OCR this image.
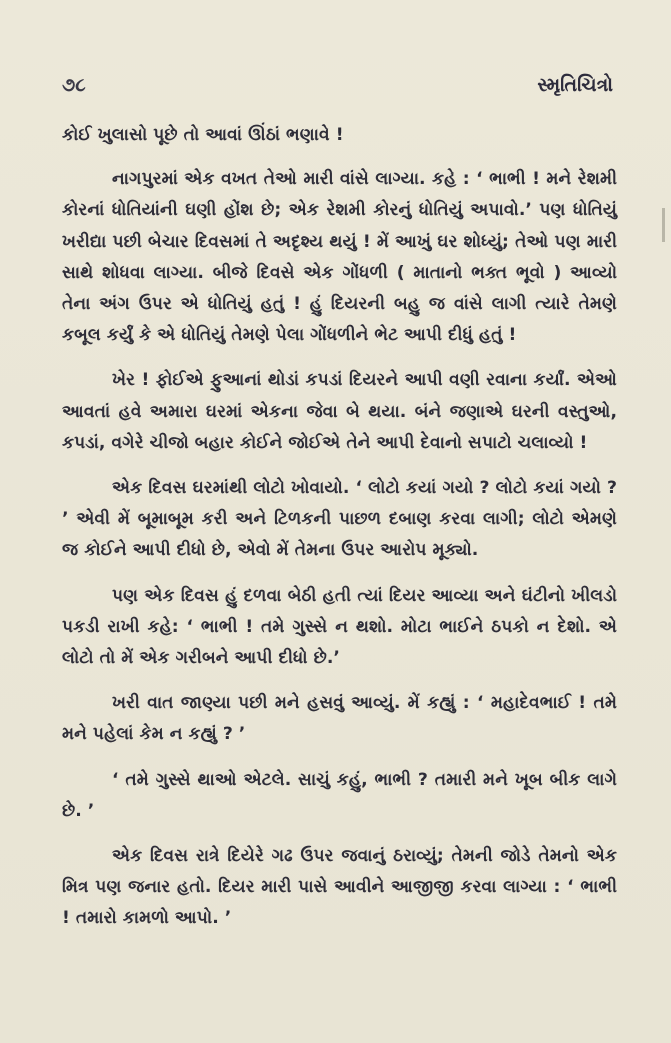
૭૮	સ્મૃતિચિત્રો

કોઈ ખુલાસો પૂછે તો આવાં ઊંઠાં ભણાવે !

નાગપુરમાં એક વખત તેઓ મારી વાંસે લાગ્યા. કહે : ‘ ભાભી ! મને રેશમી કોરનાં ધોતિયાંની ઘણી હોંશ છે; એક રેશમી કોરનું ધોતિયું અપાવો.’ પણ ધોતિયું ખરીદ્યા પછી બેચાર દિવસમાં તે અદૃશ્ય થયું ! મેં આખું ઘર શોધ્યું; તેઓ પણ મારી સાથે શોધવા લાગ્યા. બીજે દિવસે એક ગોંધળી ( માતાનો ભક્ત ભૂવો ) આવ્યો તેના અંગ ઉપર એ ધોતિયું હતું ! હું દિયરની બહુ જ વાંસે લાગી ત્યારે તેમણે કબૂલ કર્યું કે એ ધોતિયું તેમણે પેલા ગોંધળીને ભેટ આપી દીધું હતું !

ખેર ! ફોઈએ ફુઆનાં થોડાં કપડાં દિયરને આપી વણી રવાના કર્યાં. એઓ આવતાં હવે અમારા ઘરમાં એકના જેવા બે થયા. બંને જણાએ ઘરની વસ્તુઓ, કપડાં, વગેરે ચીજો બહાર કોઈને જોઈએ તેને આપી દેવાનો સપાટો ચલાવ્યો !

એક દિવસ ઘરમાંથી લોટો ખોવાયો. ‘ લોટો કયાં ગયો ? લોટો કયાં ગયો ? ’ એવી મેં બૂમાબૂમ કરી અને ટિળકની પાછળ દબાણ કરવા લાગી; લોટો એમણે જ કોઈને આપી દીધો છે, એવો મેં તેમના ઉપર આરોપ મૂક્યો.

પણ એક દિવસ હું દળવા બેઠી હતી ત્યાં દિયર આવ્યા અને ઘંટીનો ખીલડો પકડી રાખી કહે: ‘ ભાભી ! તમે ગુસ્સે ન થશો. મોટા ભાઈને ઠપકો ન દેશો. એ લોટો તો મેં એક ગરીબને આપી દીધો છે.’

ખરી વાત જાણ્યા પછી મને હસવું આવ્યું. મેં કહ્યું : ‘ મહાદેવભાઈ ! તમે મને પહેલાં કેમ ન કહ્યું ? ’

‘ તમે ગુસ્સે થાઓ એટલે. સાચું કહું, ભાભી ? તમારી મને ખૂબ બીક લાગે છે. ’

એક દિવસ રાત્રે દિયેરે ગઢ ઉપર જવાનું ઠરાવ્યું; તેમની જોડે તેમનો એક મિત્ર પણ જનાર હતો. દિયર મારી પાસે આવીને આજીજી કરવા લાગ્યા : ‘ ભાભી ! તમારો કામળો આપો. ’
